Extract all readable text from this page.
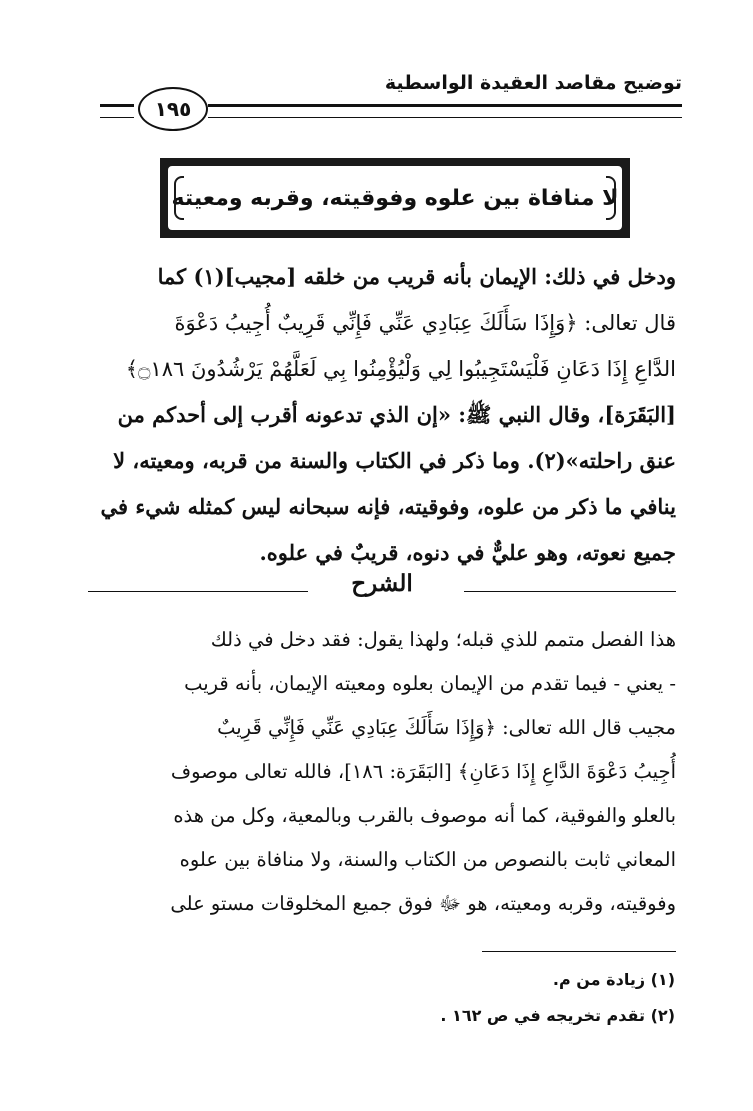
توضيح مقاصد العقيدة الواسطية
١٩٥
لا منافاة بين علوه وفوقيته، وقربه ومعيته
ودخل في ذلك: الإيمان بأنه قريب من خلقه [مجيب](١) كما
قال تعالى: ﴿وَإِذَا سَأَلَكَ عِبَادِي عَنِّي فَإِنِّي قَرِيبٌ أُجِيبُ دَعْوَةَ
الدَّاعِ إِذَا دَعَانِ فَلْيَسْتَجِيبُوا لِي وَلْيُؤْمِنُوا بِي لَعَلَّهُمْ يَرْشُدُونَ ۝١٨٦﴾
[البَقَرَة]، وقال النبي ﷺ: «إن الذي تدعونه أقرب إلى أحدكم من
عنق راحلته»(٢). وما ذكر في الكتاب والسنة من قربه، ومعيته، لا
ينافي ما ذكر من علوه، وفوقيته، فإنه سبحانه ليس كمثله شيء في
جميع نعوته، وهو عليٌّ في دنوه، قريبٌ في علوه.
الشرح
هذا الفصل متمم للذي قبله؛ ولهذا يقول: فقد دخل في ذلك
- يعني - فيما تقدم من الإيمان بعلوه ومعيته الإيمان، بأنه قريب
مجيب قال الله تعالى: ﴿وَإِذَا سَأَلَكَ عِبَادِي عَنِّي فَإِنِّي قَرِيبٌ
أُجِيبُ دَعْوَةَ الدَّاعِ إِذَا دَعَانِ﴾ [البَقَرَة: ١٨٦]، فالله تعالى موصوف
بالعلو والفوقية، كما أنه موصوف بالقرب وبالمعية، وكل من هذه
المعاني ثابت بالنصوص من الكتاب والسنة، ولا منافاة بين علوه
وفوقيته، وقربه ومعيته، هو ﷻ فوق جميع المخلوقات مستو على
(١) زيادة من م.
(٢) تقدم تخريجه في ص ١٦٢ .
